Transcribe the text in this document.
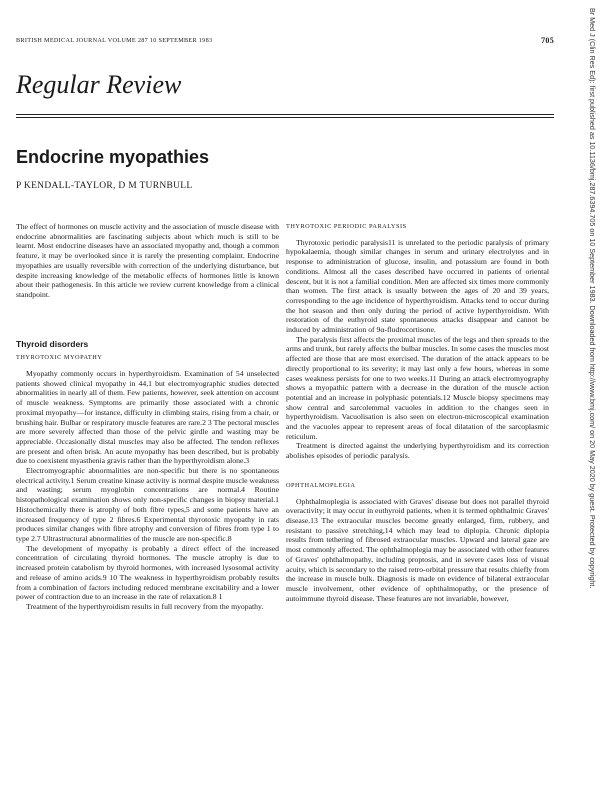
BRITISH MEDICAL JOURNAL VOLUME 287 10 SEPTEMBER 1983	705
Regular Review
Endocrine myopathies
P KENDALL-TAYLOR, D M TURNBULL

The effect of hormones on muscle activity and the association of muscle disease with endocrine abnormalities are fascinating subjects about which much is still to be learnt. Most endocrine diseases have an associated myopathy and, though a common feature, it may be overlooked since it is rarely the presenting complaint. Endocrine myopathies are usually reversible with correction of the underlying disturbance, but despite increasing knowledge of the metabolic effects of hormones little is known about their pathogenesis. In this article we review current knowledge from a clinical standpoint.

Thyroid disorders
THYROTOXIC MYOPATHY

Myopathy commonly occurs in hyperthyroidism. Examination of 54 unselected patients showed clinical myopathy in 44,1 but electromyographic studies detected abnormalities in nearly all of them. Few patients, however, seek attention on account of muscle weakness. Symptoms are primarily those associated with a chronic proximal myopathy—for instance, difficulty in climbing stairs, rising from a chair, or brushing hair. Bulbar or respiratory muscle features are rare.2 3 The pectoral muscles are more severely affected than those of the pelvic girdle and wasting may be appreciable. Occasionally distal muscles may also be affected. The tendon reflexes are present and often brisk. An acute myopathy has been described, but is probably due to coexistent myasthenia gravis rather than the hyperthyroidism alone.3

Electromyographic abnormalities are non-specific but there is no spontaneous electrical activity.1 Serum creatine kinase activity is normal despite muscle weakness and wasting; serum myoglobin concentrations are normal.4 Routine histopathological examination shows only non-specific changes in biopsy material.1 Histochemically there is atrophy of both fibre types,5 and some patients have an increased frequency of type 2 fibres.6 Experimental thyrotoxic myopathy in rats produces similar changes with fibre atrophy and conversion of fibres from type 1 to type 2.7 Ultrastructural abnormalities of the muscle are non-specific.8

The development of myopathy is probably a direct effect of the increased concentration of circulating thyroid hormones. The muscle atrophy is due to increased protein catabolism by thyroid hormones, with increased lysosomal activity and release of amino acids.9 10 The weakness in hyperthyroidism probably results from a combination of factors including reduced membrane excitability and a lower power of contraction due to an increase in the rate of relaxation.8 1

Treatment of the hyperthyroidism results in full recovery from the myopathy.

THYROTOXIC PERIODIC PARALYSIS

Thyrotoxic periodic paralysis11 is unrelated to the periodic paralysis of primary hypokalaemia, though similar changes in serum and urinary electrolytes and in response to administration of glucose, insulin, and potassium are found in both conditions. Almost all the cases described have occurred in patients of oriental descent, but it is not a familial condition. Men are affected six times more commonly than women. The first attack is usually between the ages of 20 and 39 years, corresponding to the age incidence of hyperthyroidism. Attacks tend to occur during the hot season and then only during the period of active hyperthyroidism. With restoration of the euthyroid state spontaneous attacks disappear and cannot be induced by administration of 9α-fludrocortisone.

The paralysis first affects the proximal muscles of the legs and then spreads to the arms and trunk, but rarely affects the bulbar muscles. In some cases the muscles most affected are those that are most exercised. The duration of the attack appears to be directly proportional to its severity; it may last only a few hours, whereas in some cases weakness persists for one to two weeks.11 During an attack electromyography shows a myopathic pattern with a decrease in the duration of the muscle action potential and an increase in polyphasic potentials.12 Muscle biopsy specimens may show central and sarcolemmal vacuoles in addition to the changes seen in hyperthyroidism. Vacuolisation is also seen on electron-microscopical examination and the vacuoles appear to represent areas of focal dilatation of the sarcoplasmic reticulum.

Treatment is directed against the underlying hyperthyroidism and its correction abolishes episodes of periodic paralysis.

OPHTHALMOPLEGIA

Ophthalmoplegia is associated with Graves' disease but does not parallel thyroid overactivity; it may occur in euthyroid patients, when it is termed ophthalmic Graves' disease.13 The extraocular muscles become greatly enlarged, firm, rubbery, and resistant to passive stretching,14 which may lead to diplopia. Chronic diplopia results from tethering of fibrosed extraocular muscles. Upward and lateral gaze are most commonly affected. The ophthalmoplegia may be associated with other features of Graves' ophthalmopathy, including proptosis, and in severe cases loss of visual acuity, which is secondary to the raised retro-orbital pressure that results chiefly from the increase in muscle bulk. Diagnosis is made on evidence of bilateral extraocular muscle involvement, other evidence of ophthalmopathy, or the presence of autoimmune thyroid disease. These features are not invariable, however,

Br Med J (Clin Res Ed): first published as 10.1136/bmj.287.6394.705 on 10 September 1983. Downloaded from http://www.bmj.com/ on 20 May 2020 by guest. Protected by copyright.
